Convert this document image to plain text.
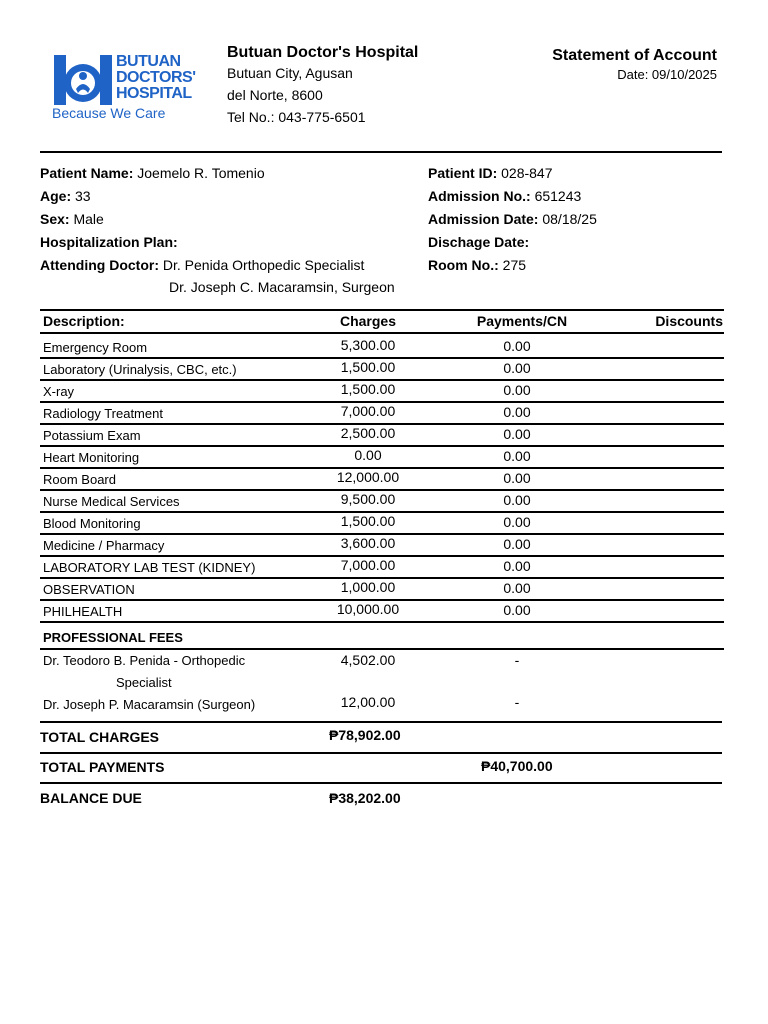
BUTUAN
DOCTORS'
HOSPITAL
Because We Care
Butuan Doctor's Hospital
Butuan City, Agusan
del Norte, 8600
Tel No.: 043-775-6501
Statement of Account
Date: 09/10/2025
Patient Name: Joemelo R. Tomenio
Age: 33
Sex: Male
Hospitalization Plan:
Attending Doctor: Dr. Penida Orthopedic Specialist
Dr. Joseph C. Macaramsin, Surgeon
Patient ID: 028-847
Admission No.: 651243
Admission Date: 08/18/25
Dischage Date:
Room No.: 275
Description:	Charges	Payments/CN	Discounts
Emergency Room	5,300.00	0.00
Laboratory (Urinalysis, CBC, etc.)	1,500.00	0.00
X-ray	1,500.00	0.00
Radiology Treatment	7,000.00	0.00
Potassium Exam	2,500.00	0.00
Heart Monitoring	0.00	0.00
Room Board	12,000.00	0.00
Nurse Medical Services	9,500.00	0.00
Blood Monitoring	1,500.00	0.00
Medicine / Pharmacy	3,600.00	0.00
LABORATORY LAB TEST (KIDNEY)	7,000.00	0.00
OBSERVATION	1,000.00	0.00
PHILHEALTH	10,000.00	0.00
PROFESSIONAL FEES
Dr. Teodoro B. Penida - Orthopedic
Specialist
4,502.00	-
Dr. Joseph P. Macaramsin (Surgeon)	12,00.00	-
TOTAL CHARGES	₱78,902.00
TOTAL PAYMENTS	₱40,700.00
BALANCE DUE	₱38,202.00
